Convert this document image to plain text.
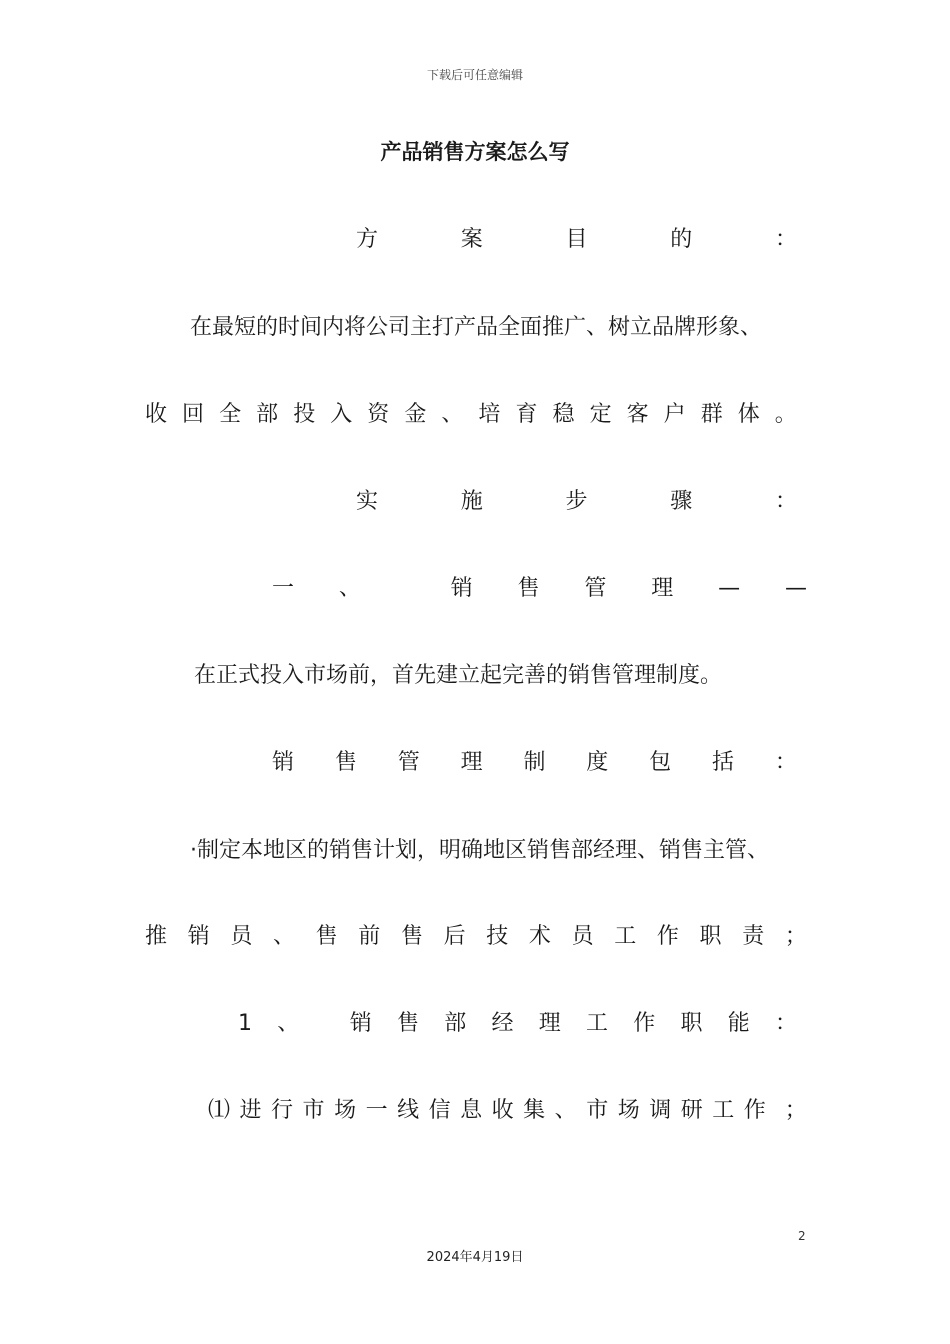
下载后可任意编辑
产品销售方案怎么写
方	案	目	的	：
在最短的时间内将公司主打产品全面推广、树立品牌形象、
收 回 全 部 投 入 资 金 、 培 育 稳 定 客 户 群 体 。
实	施	步	骤	：
一 、	销 售 管 理 — —
在正式投入市场前，首先建立起完善的销售管理制度。
销 售 管 理 制 度 包 括 ：
·制定本地区的销售计划，明确地区销售部经理、销售主管、
推 销 员 、 售 前 售 后 技 术 员 工 作 职 责 ；
1 、 销 售 部 经 理 工 作 职 能 ：
⑴ 进 行 市 场 一 线 信 息 收 集 、 市 场 调 研 工 作 ；
2
2024年4月19日
